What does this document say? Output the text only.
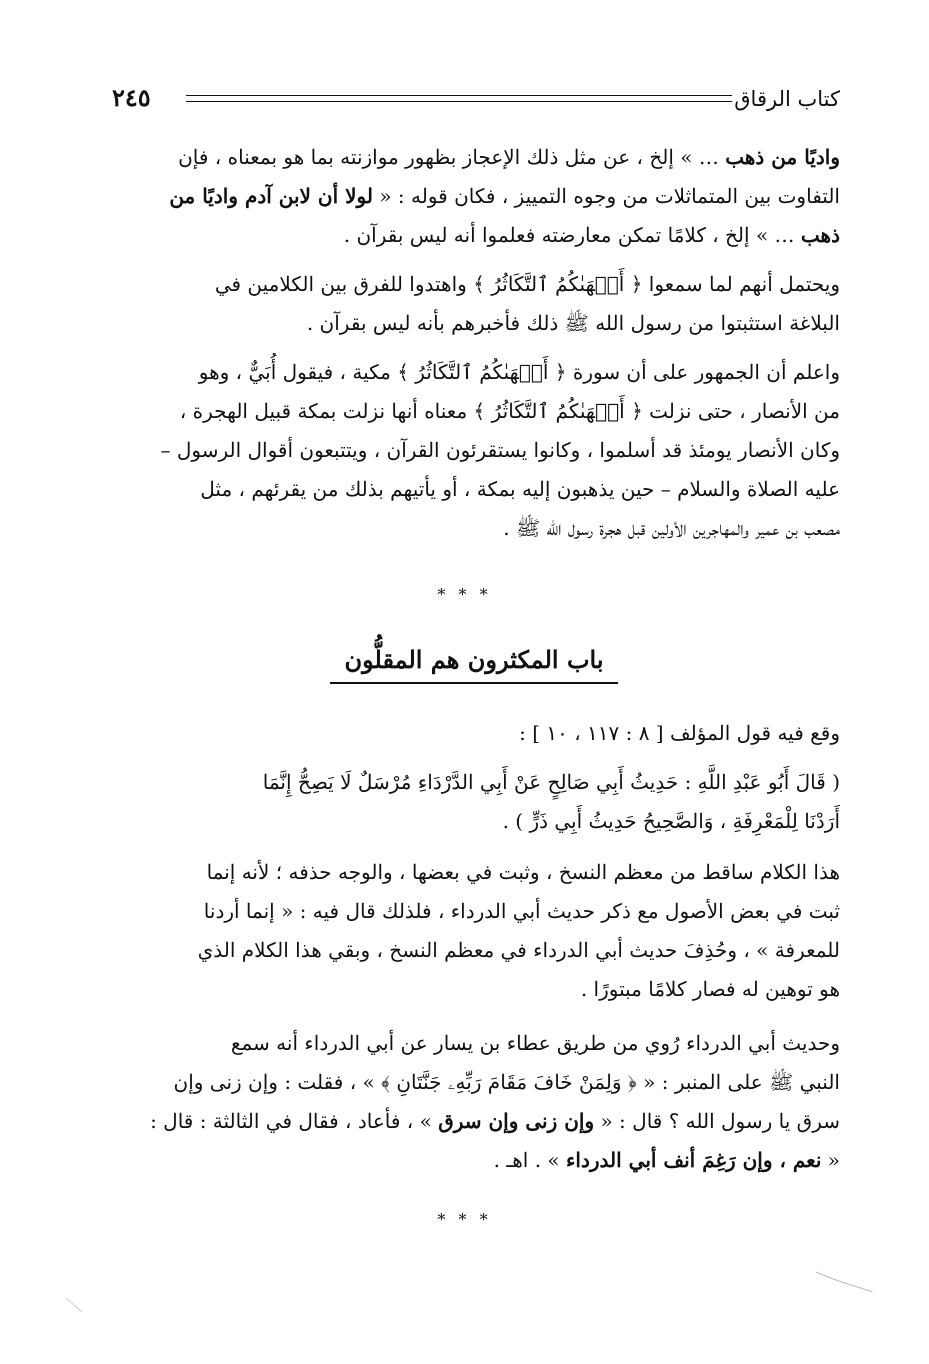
كتاب الرقاق
٢٤٥
واديًا من ذهب … » إلخ ، عن مثل ذلك الإعجاز بظهور موازنته بما هو بمعناه ، فإن
التفاوت بين المتماثلات من وجوه التمييز ، فكان قوله : « لولا أن لابن آدم واديًا من
ذهب … » إلخ ، كلامًا تمكن معارضته فعلموا أنه ليس بقرآن .
ويحتمل أنهم لما سمعوا ﴿ أَلۡهَىٰكُمُ ٱلتَّكَاثُرُ ﴾ واهتدوا للفرق بين الكلامين في
البلاغة استثبتوا من رسول الله ﷺ ذلك فأخبرهم بأنه ليس بقرآن .
واعلم أن الجمهور على أن سورة ﴿ أَلۡهَىٰكُمُ ٱلتَّكَاثُرُ ﴾ مكية ، فيقول أُبَيٌّ ، وهو
من الأنصار ، حتى نزلت ﴿ أَلۡهَىٰكُمُ ٱلتَّكَاثُرُ ﴾ معناه أنها نزلت بمكة قبيل الهجرة ،
وكان الأنصار يومئذ قد أسلموا ، وكانوا يستقرئون القرآن ، ويتتبعون أقوال الرسول –
عليه الصلاة والسلام – حين يذهبون إليه بمكة ، أو يأتيهم بذلك من يقرئهم ، مثل
مصعب بن عمير والمهاجرين الأولين قبل هجرة رسول الله ﷺ .
* * *
باب المكثرون هم المقلُّون
وقع فيه قول المؤلف [ ٨ : ١١٧ ، ١٠ ] :
( قَالَ أَبُو عَبْدِ اللَّهِ : حَدِيثُ أَبِي صَالِحٍ عَنْ أَبِي الدَّرْدَاءِ مُرْسَلٌ لَا يَصِحُّ إِنَّمَا
أَرَدْنَا لِلْمَعْرِفَةِ ، وَالصَّحِيحُ حَدِيثُ أَبِي ذَرٍّ ) .
هذا الكلام ساقط من معظم النسخ ، وثبت في بعضها ، والوجه حذفه ؛ لأنه إنما
ثبت في بعض الأصول مع ذكر حديث أبي الدرداء ، فلذلك قال فيه : « إنما أردنا
للمعرفة » ، وحُذِفَ حديث أبي الدرداء في معظم النسخ ، وبقي هذا الكلام الذي
هو توهين له فصار كلامًا مبتورًا .
وحديث أبي الدرداء رُوي من طريق عطاء بن يسار عن أبي الدرداء أنه سمع
النبي ﷺ على المنبر : « ﴿ وَلِمَنْ خَافَ مَقَامَ رَبِّهِۦ جَنَّتَانِ ﴾ » ، فقلت : وإن زنى وإن
سرق يا رسول الله ؟ قال : « وإن زنى وإن سرق » ، فأعاد ، فقال في الثالثة : قال :
« نعم ، وإن رَغِمَ أنف أبي الدرداء » . اهـ .
* * *
